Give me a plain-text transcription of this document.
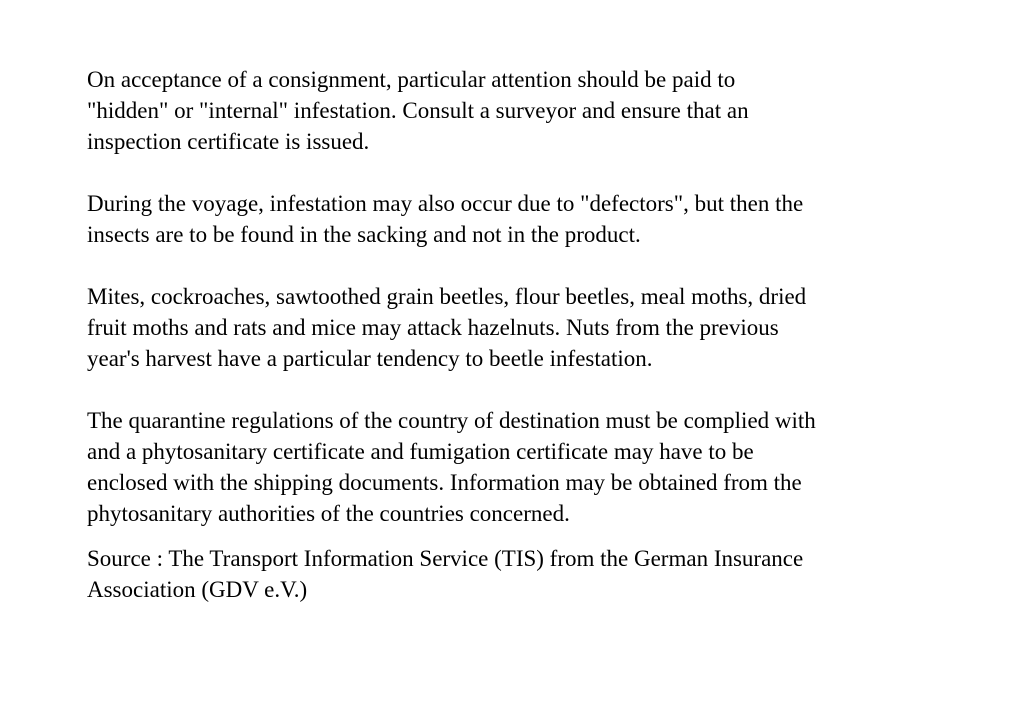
On acceptance of a consignment, particular attention should be paid to
"hidden" or "internal" infestation. Consult a surveyor and ensure that an
inspection certificate is issued.

During the voyage, infestation may also occur due to "defectors", but then the
insects are to be found in the sacking and not in the product.

Mites, cockroaches, sawtoothed grain beetles, flour beetles, meal moths, dried
fruit moths and rats and mice may attack hazelnuts. Nuts from the previous
year's harvest have a particular tendency to beetle infestation.

The quarantine regulations of the country of destination must be complied with
and a phytosanitary certificate and fumigation certificate may have to be
enclosed with the shipping documents. Information may be obtained from the
phytosanitary authorities of the countries concerned.

Source : The Transport Information Service (TIS) from the German Insurance
Association (GDV e.V.)
